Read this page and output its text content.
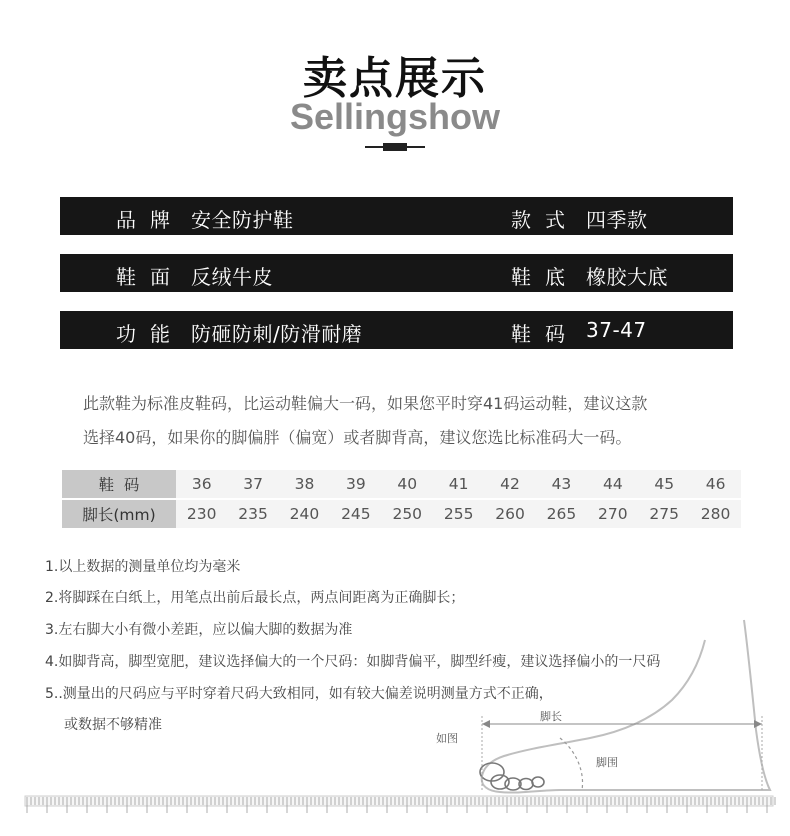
卖点展示
Sellingshow
品牌 安全防护鞋	款式 四季款
鞋面 反绒牛皮	鞋底 橡胶大底
功能 防砸防刺/防滑耐磨	鞋码 37-47
此款鞋为标准皮鞋码，比运动鞋偏大一码，如果您平时穿41码运动鞋，建议这款
选择40码，如果你的脚偏胖（偏宽）或者脚背高，建议您选比标准码大一码。
鞋  码	36	37	38	39	40	41	42	43	44	45	46
脚长(mm)	230	235	240	245	250	255	260	265	270	275	280
如图
脚长
脚围
1.以上数据的测量单位均为毫米
2.将脚踩在白纸上，用笔点出前后最长点，两点间距离为正确脚长；
3.左右脚大小有微小差距，应以偏大脚的数据为准
4.如脚背高，脚型宽肥，建议选择偏大的一个尺码：如脚背偏平，脚型纤瘦，建议选择偏小的一尺码
5..测量出的尺码应与平时穿着尺码大致相同，如有较大偏差说明测量方式不正确，
或数据不够精准
